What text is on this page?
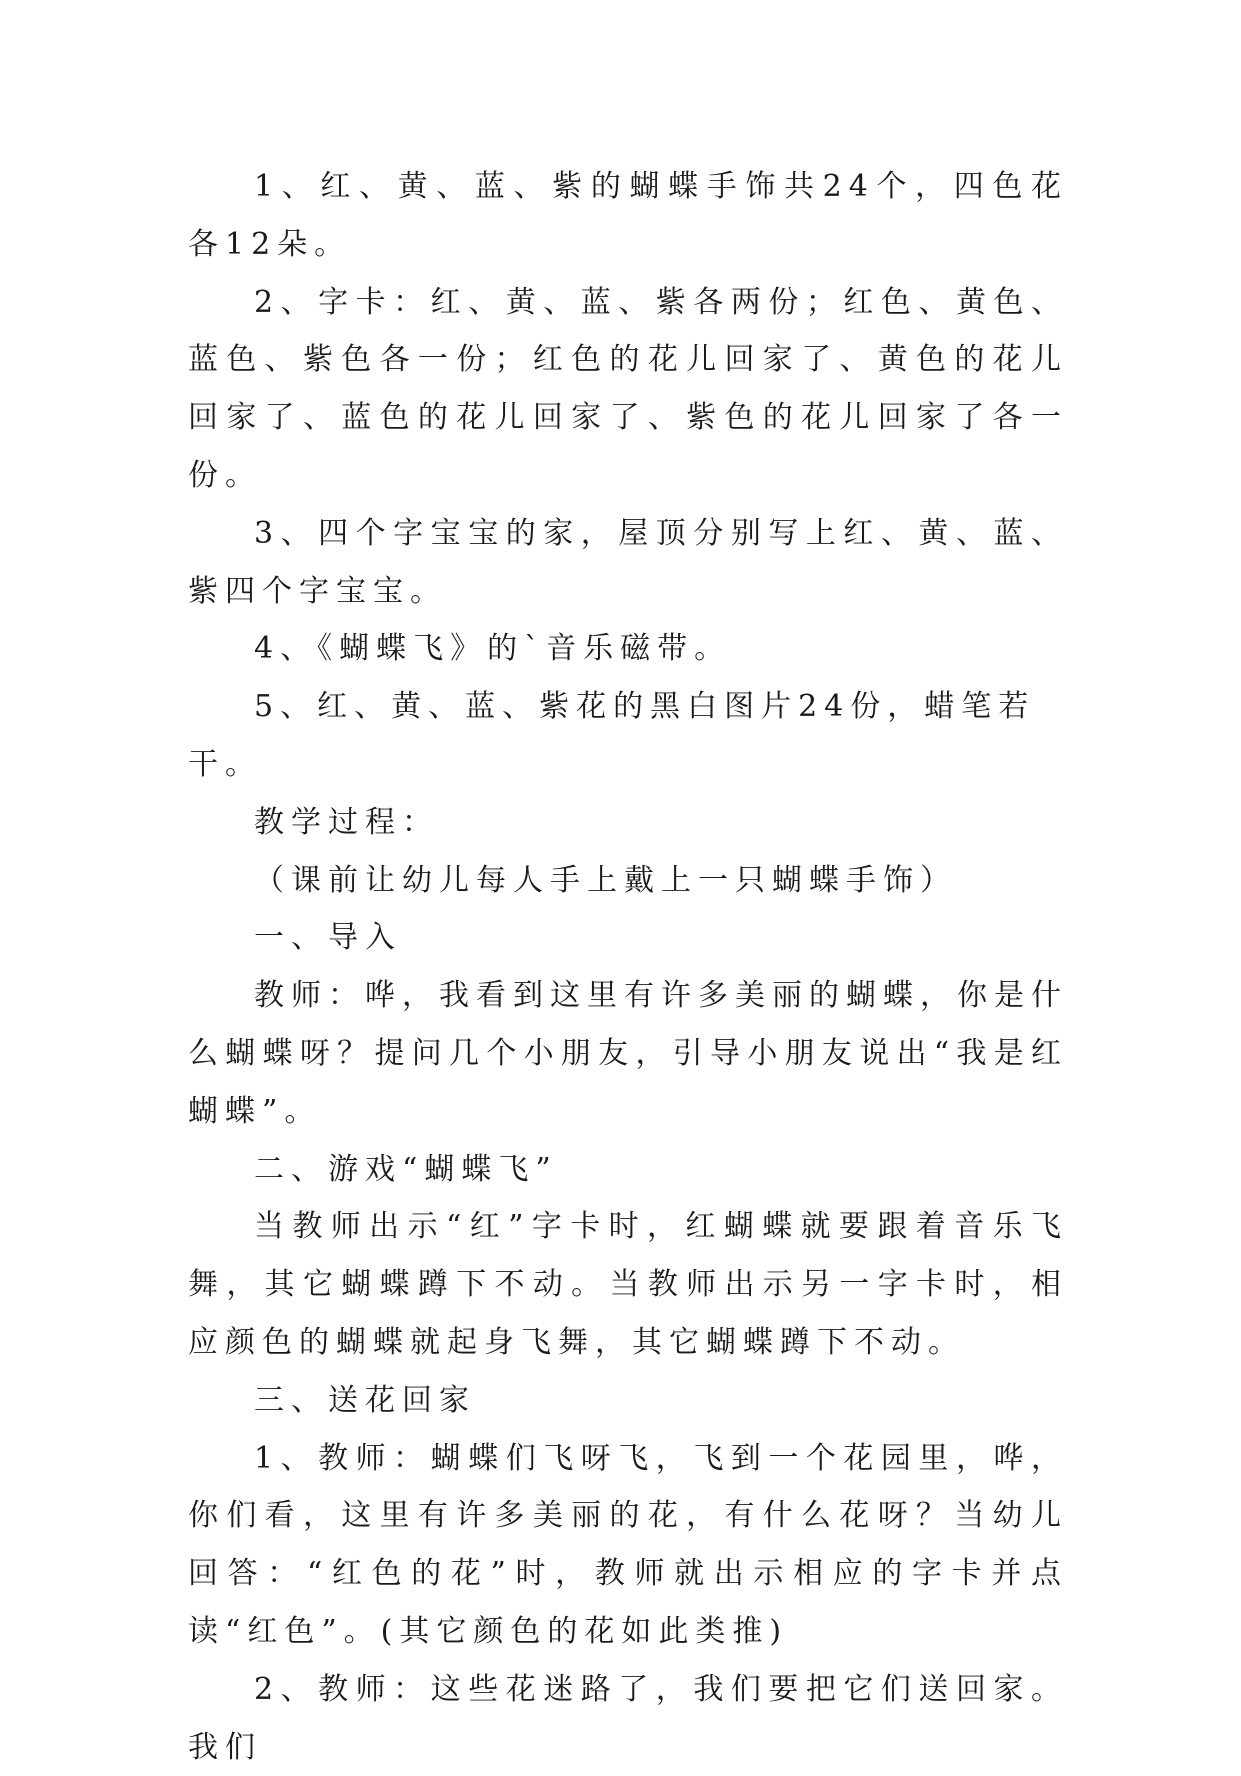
1、红、黄、蓝、紫的蝴蝶手饰共24个，四色花各12朵。

2、字卡：红、黄、蓝、紫各两份；红色、黄色、蓝色、紫色各一份；红色的花儿回家了、黄色的花儿回家了、蓝色的花儿回家了、紫色的花儿回家了各一份。

3、四个字宝宝的家，屋顶分别写上红、黄、蓝、紫四个字宝宝。

4、《蝴蝶飞》的`音乐磁带。

5、红、黄、蓝、紫花的黑白图片24份，蜡笔若干。

教学过程：

（课前让幼儿每人手上戴上一只蝴蝶手饰）

一、导入

教师：哗，我看到这里有许多美丽的蝴蝶，你是什么蝴蝶呀？提问几个小朋友，引导小朋友说出“我是红蝴蝶”。

二、游戏“蝴蝶飞”

当教师出示“红”字卡时，红蝴蝶就要跟着音乐飞舞，其它蝴蝶蹲下不动。当教师出示另一字卡时，相应颜色的蝴蝶就起身飞舞，其它蝴蝶蹲下不动。

三、送花回家

1、教师：蝴蝶们飞呀飞，飞到一个花园里，哗，你们看，这里有许多美丽的花，有什么花呀？当幼儿回答：“红色的花”时，教师就出示相应的字卡并点读“红色”。(其它颜色的花如此类推)

2、教师：这些花迷路了，我们要把它们送回家。我们
